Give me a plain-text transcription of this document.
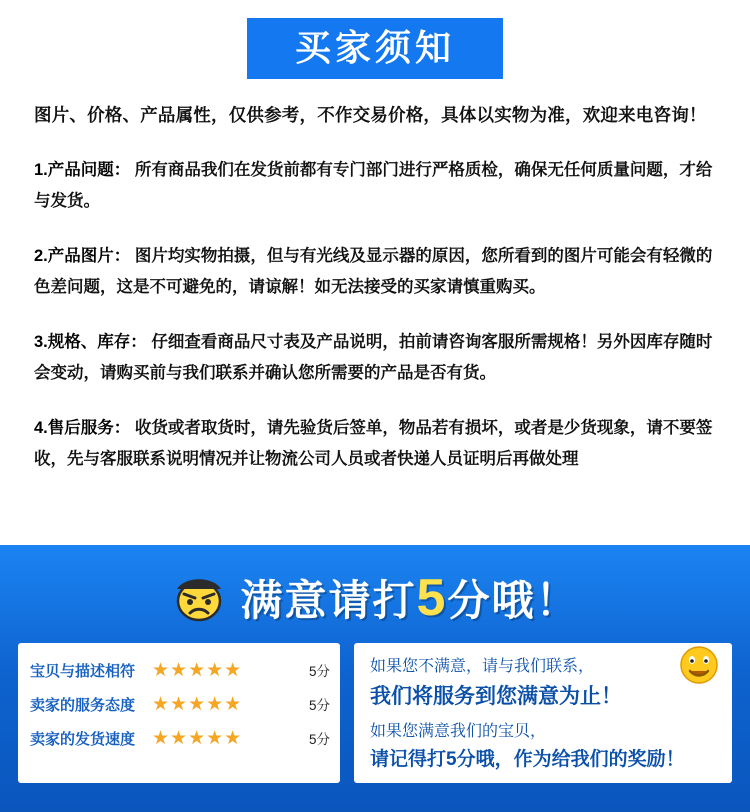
买家须知
图片、价格、产品属性，仅供参考，不作交易价格，具体以实物为准，欢迎来电咨询！
1.产品问题： 所有商品我们在发货前都有专门部门进行严格质检，确保无任何质量问题，才给与发货。
2.产品图片： 图片均实物拍摄，但与有光线及显示器的原因，您所看到的图片可能会有轻微的色差问题，这是不可避免的，请谅解！如无法接受的买家请慎重购买。
3.规格、库存： 仔细查看商品尺寸表及产品说明，拍前请咨询客服所需规格！另外因库存随时会变动，请购买前与我们联系并确认您所需要的产品是否有货。
4.售后服务： 收货或者取货时，请先验货后签单，物品若有损坏，或者是少货现象，请不要签收，先与客服联系说明情况并让物流公司人员或者快递人员证明后再做处理
满意请打5分哦！
宝贝与描述相符 ★★★★★	5分
卖家的服务态度 ★★★★★	5分
卖家的发货速度 ★★★★★	5分
如果您不满意，请与我们联系，
我们将服务到您满意为止！
如果您满意我们的宝贝，
请记得打5分哦，作为给我们的奖励！
